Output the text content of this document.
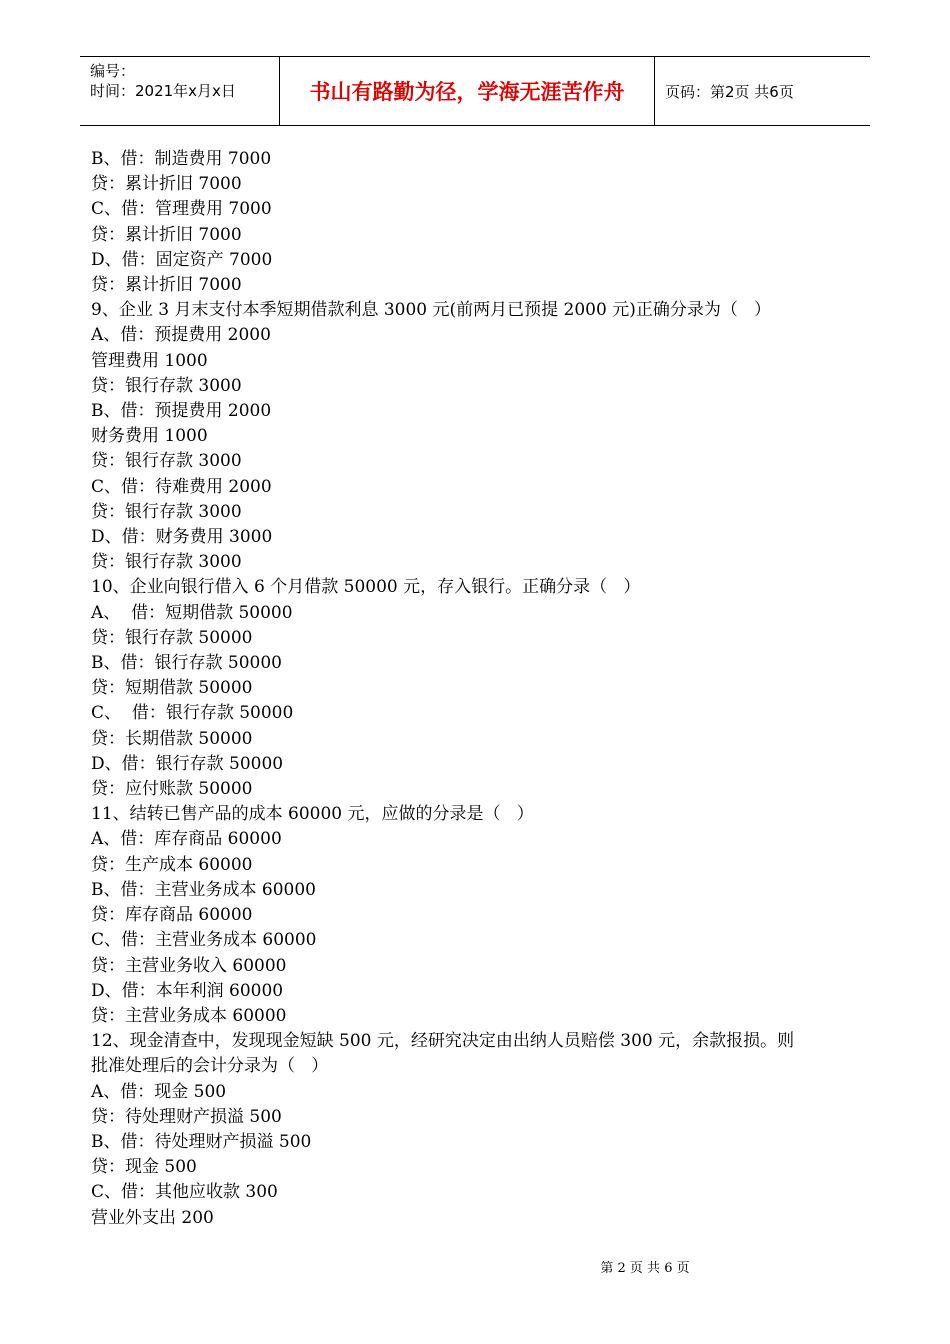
编号：
时间：2021年x月x日	书山有路勤为径，学海无涯苦作舟	页码：第2页 共6页
B、借：制造费用 7000
贷：累计折旧 7000
C、借：管理费用 7000
贷：累计折旧 7000
D、借：固定资产 7000
贷：累计折旧 7000
9、企业 3 月末支付本季短期借款利息 3000 元(前两月已预提 2000 元)正确分录为（   ）
A、借：预提费用 2000
管理费用 1000
贷：银行存款 3000
B、借：预提费用 2000
财务费用 1000
贷：银行存款 3000
C、借：待难费用 2000
贷：银行存款 3000
D、借：财务费用 3000
贷：银行存款 3000
10、企业向银行借入 6 个月借款 50000 元，存入银行。正确分录（   ）
A、  借：短期借款 50000
贷：银行存款 50000
B、借：银行存款 50000
贷：短期借款 50000
C、  借：银行存款 50000
贷：长期借款 50000
D、借：银行存款 50000
贷：应付账款 50000
11、结转已售产品的成本 60000 元，应做的分录是（   ）
A、借：库存商品 60000
贷：生产成本 60000
B、借：主营业务成本 60000
贷：库存商品 60000
C、借：主营业务成本 60000
贷：主营业务收入 60000
D、借：本年利润 60000
贷：主营业务成本 60000
12、现金清查中，发现现金短缺 500 元，经研究决定由出纳人员赔偿 300 元，余款报损。则
批准处理后的会计分录为（   ）
A、借：现金 500
贷：待处理财产损溢 500
B、借：待处理财产损溢 500
贷：现金 500
C、借：其他应收款 300
营业外支出 200
第 2 页 共 6 页
